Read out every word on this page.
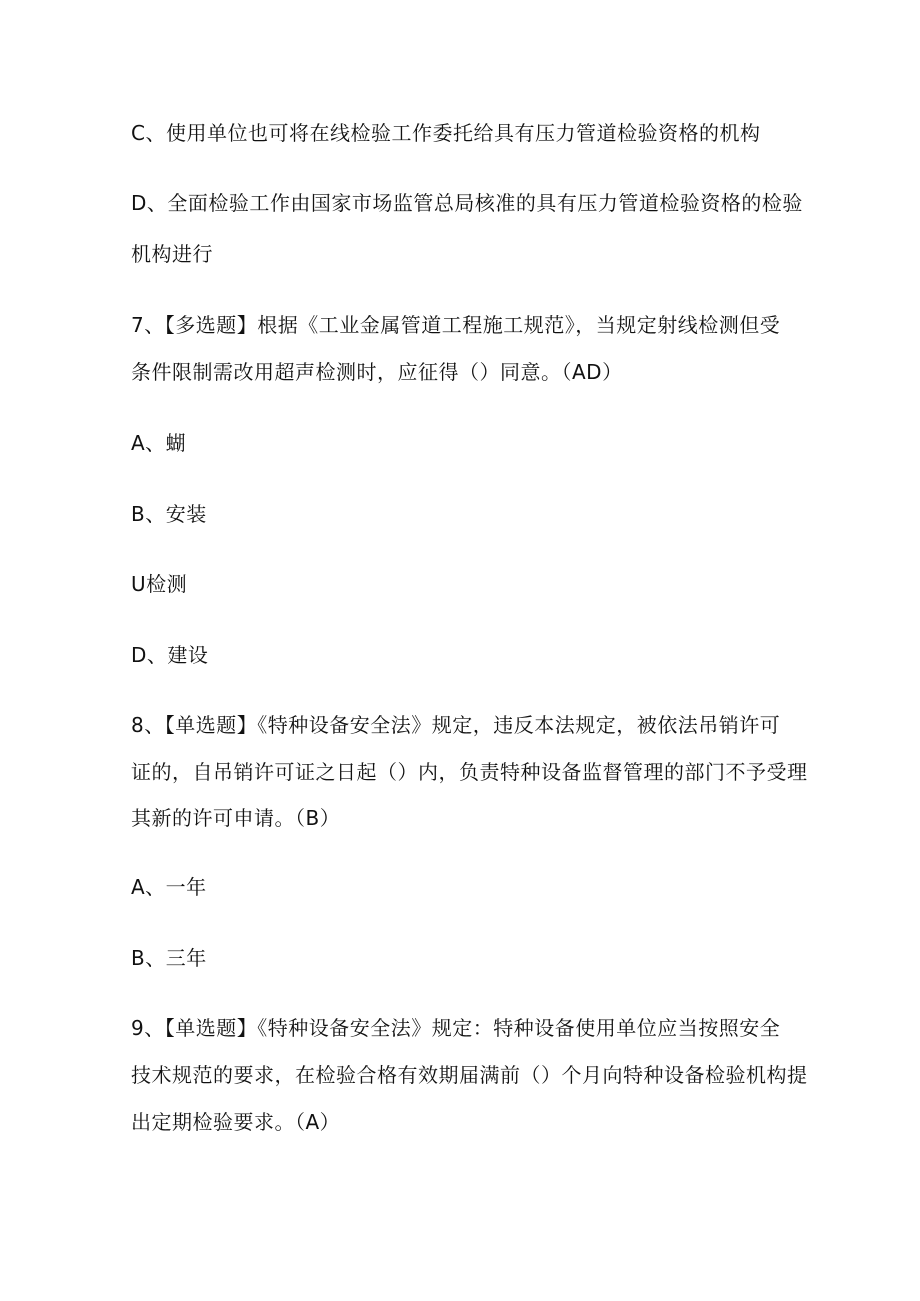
C、使用单位也可将在线检验工作委托给具有压力管道检验资格的机构
D、全面检验工作由国家市场监管总局核准的具有压力管道检验资格的检验
机构进行
7、【多选题】根据《工业金属管道工程施工规范》，当规定射线检测但受
条件限制需改用超声检测时，应征得（）同意。（AD）
A、蝴
B、安装
U检测
D、建设
8、【单选题】《特种设备安全法》规定，违反本法规定，被依法吊销许可
证的，自吊销许可证之日起（）内，负责特种设备监督管理的部门不予受理
其新的许可申请。（B）
A、一年
B、三年
9、【单选题】《特种设备安全法》规定：特种设备使用单位应当按照安全
技术规范的要求，在检验合格有效期届满前（）个月向特种设备检验机构提
出定期检验要求。（A）
